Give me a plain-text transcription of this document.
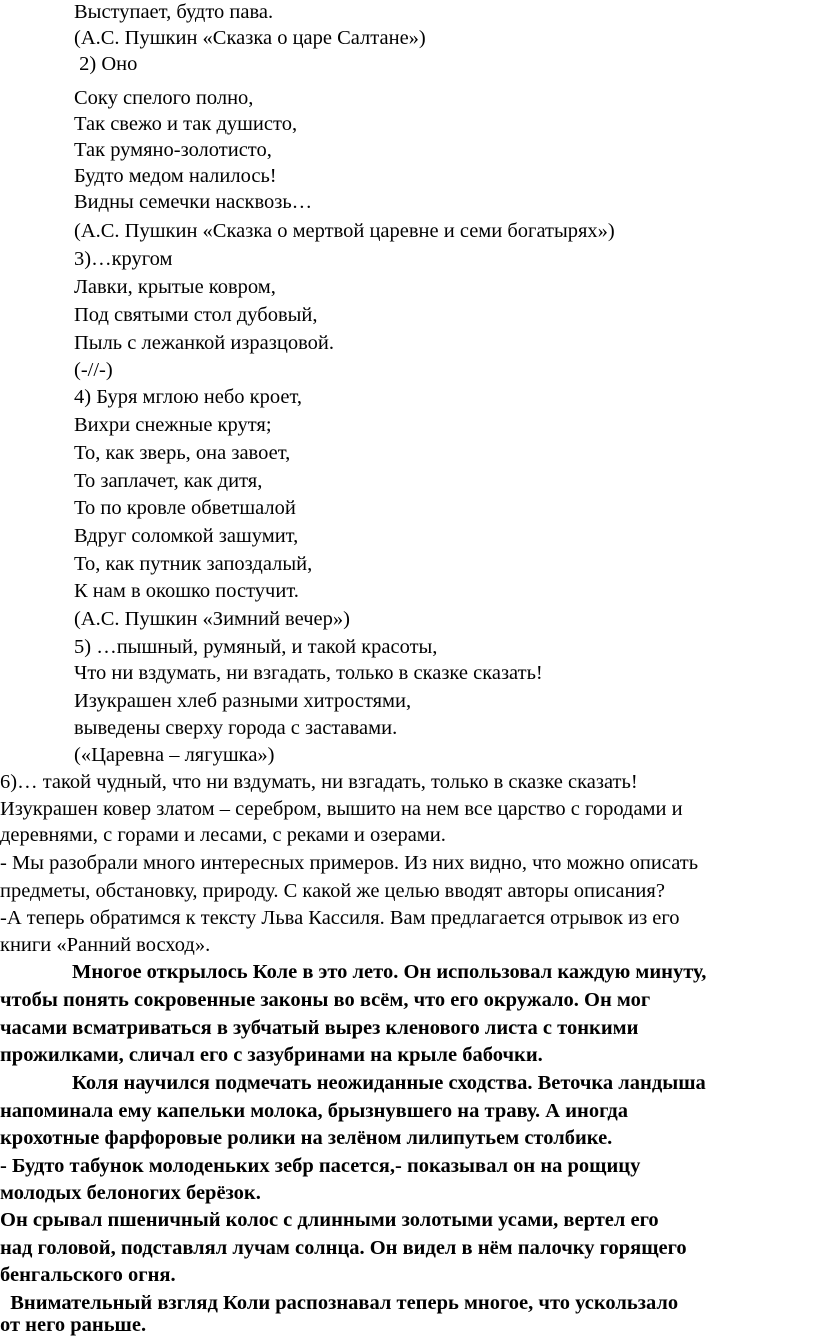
Выступает, будто пава.
(А.С. Пушкин «Сказка о царе Салтане»)
2) Оно
Соку спелого полно,
Так свежо и так душисто,
Так румяно-золотисто,
Будто медом налилось!
Видны семечки насквозь…
(А.С. Пушкин «Сказка о мертвой царевне и семи богатырях»)
3)…кругом
Лавки, крытые ковром,
Под святыми стол дубовый,
Пыль с лежанкой изразцовой.
(-//-)
4) Буря мглою небо кроет,
Вихри снежные крутя;
То, как зверь, она завоет,
То заплачет, как дитя,
То по кровле обветшалой
Вдруг соломкой зашумит,
То, как путник запоздалый,
К нам в окошко постучит.
(А.С. Пушкин «Зимний вечер»)
5) …пышный, румяный, и такой красоты,
Что ни вздумать, ни взгадать, только в сказке сказать!
Изукрашен хлеб разными хитростями,
выведены сверху города с заставами.
(«Царевна – лягушка»)
6)… такой чудный, что ни вздумать, ни взгадать, только в сказке сказать!
Изукрашен ковер златом – серебром, вышито на нем все царство с городами и
деревнями, с горами и лесами, с реками и озерами.
- Мы разобрали много интересных примеров. Из них видно, что можно описать
предметы, обстановку, природу. С какой же целью вводят авторы описания?
-А теперь обратимся к тексту Льва Кассиля. Вам предлагается отрывок из его
книги «Ранний восход».
Многое открылось Коле в это лето. Он использовал каждую минуту,
чтобы понять сокровенные законы во всём, что его окружало. Он мог
часами всматриваться в зубчатый вырез кленового листа с тонкими
прожилками, сличал его с зазубринами на крыле бабочки.
Коля научился подмечать неожиданные сходства. Веточка ландыша
напоминала ему капельки молока, брызнувшего на траву. А иногда
крохотные фарфоровые ролики на зелёном лилипутьем столбике.
- Будто табунок молоденьких зебр пасется,- показывал он на рощицу
молодых белоногих берёзок.
Он срывал пшеничный колос с длинными золотыми усами, вертел его
над головой, подставлял лучам солнца. Он видел в нём палочку горящего
бенгальского огня.
Внимательный взгляд Коли распознавал теперь многое, что ускользало
от него раньше.
